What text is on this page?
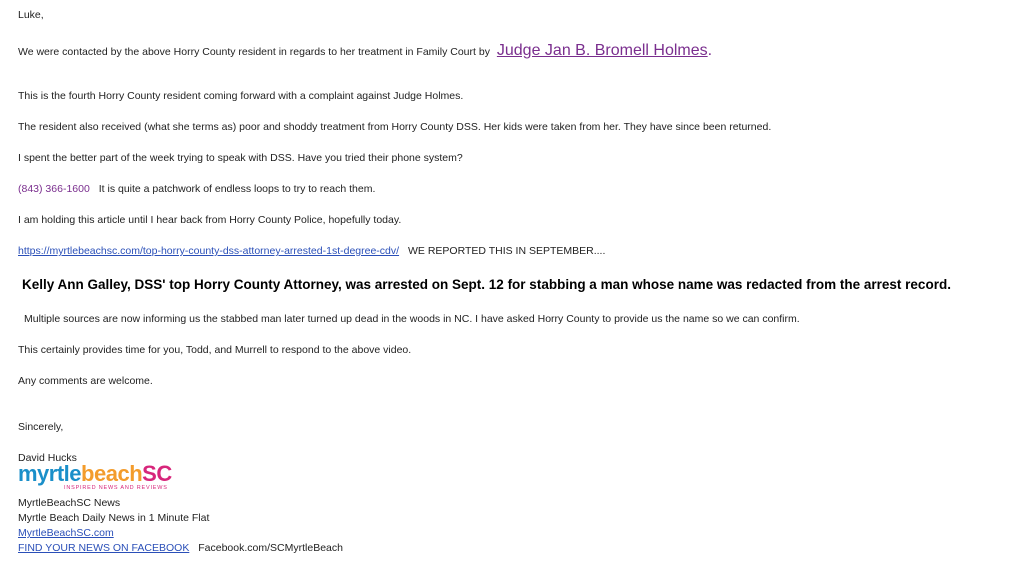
Luke,
We were contacted by the above Horry County resident in regards to her treatment in Family Court by Judge Jan B. Bromell Holmes.
This is the fourth Horry County resident coming forward with a complaint against Judge Holmes.
The resident also received (what she terms as) poor and shoddy treatment from Horry County DSS. Her kids were taken from her. They have since been returned.
I spent the better part of the week trying to speak with DSS. Have you tried their phone system?
(843) 366-1600 It is quite a patchwork of endless loops to try to reach them.
I am holding this article until I hear back from Horry County Police, hopefully today.
https://myrtlebeachsc.com/top-horry-county-dss-attorney-arrested-1st-degree-cdv/ WE REPORTED THIS IN SEPTEMBER....
Kelly Ann Galley, DSS' top Horry County Attorney, was arrested on Sept. 12 for stabbing a man whose name was redacted from the arrest record.
Multiple sources are now informing us the stabbed man later turned up dead in the woods in NC. I have asked Horry County to provide us the name so we can confirm.
This certainly provides time for you, Todd, and Murrell to respond to the above video.
Any comments are welcome.
Sincerely,
David Hucks
myrtlebeachSC
INSPIRED NEWS AND REVIEWS
MyrtleBeachSC News
Myrtle Beach Daily News in 1 Minute Flat
MyrtleBeachSC.com
FIND YOUR NEWS ON FACEBOOK Facebook.com/SCMyrtleBeach
